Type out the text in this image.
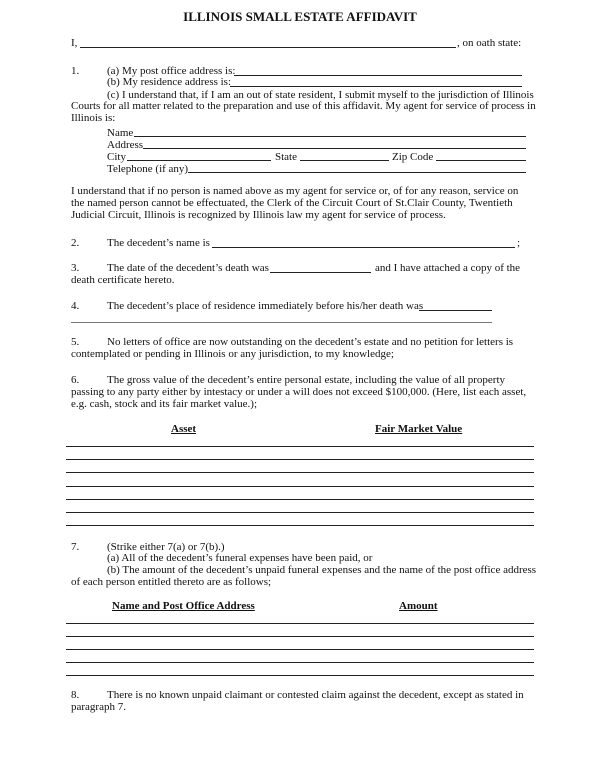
ILLINOIS SMALL ESTATE AFFIDAVIT
I,	, on oath state:
1.	(a) My post office address is:
(b) My residence address is:
(c) I understand that, if I am an out of state resident, I submit myself to the jurisdiction of Illinois
Courts for all matter related to the preparation and use of this affidavit. My agent for service of process in
Illinois is:
Name
Address
City	State	Zip Code
Telephone (if any)
I understand that if no person is named above as my agent for service or, of for any reason, service on the named person cannot be effectuated, the Clerk of the Circuit Court of St.Clair County, Twentieth Judicial Circuit, Illinois is recognized by Illinois law my agent for service of process.
2.	The decedent’s name is	;
3.	The date of the decedent’s death was	and I have attached a copy of the
death certificate hereto.
4.	The decedent’s place of residence immediately before his/her death was
5.	No letters of office are now outstanding on the decedent’s estate and no petition for letters is
contemplated or pending in Illinois or any jurisdiction, to my knowledge;
6.	The gross value of the decedent’s entire personal estate, including the value of all property
passing to any party either by intestacy or under a will does not exceed $100,000. (Here, list each asset,
e.g. cash, stock and its fair market value.);
Asset	Fair Market Value
7.	(Strike either 7(a) or 7(b).)
(a) All of the decedent’s funeral expenses have been paid, or
(b) The amount of the decedent’s unpaid funeral expenses and the name of the post office address
of each person entitled thereto are as follows;
Name and Post Office Address	Amount
8.	There is no known unpaid claimant or contested claim against the decedent, except as stated in
paragraph 7.
